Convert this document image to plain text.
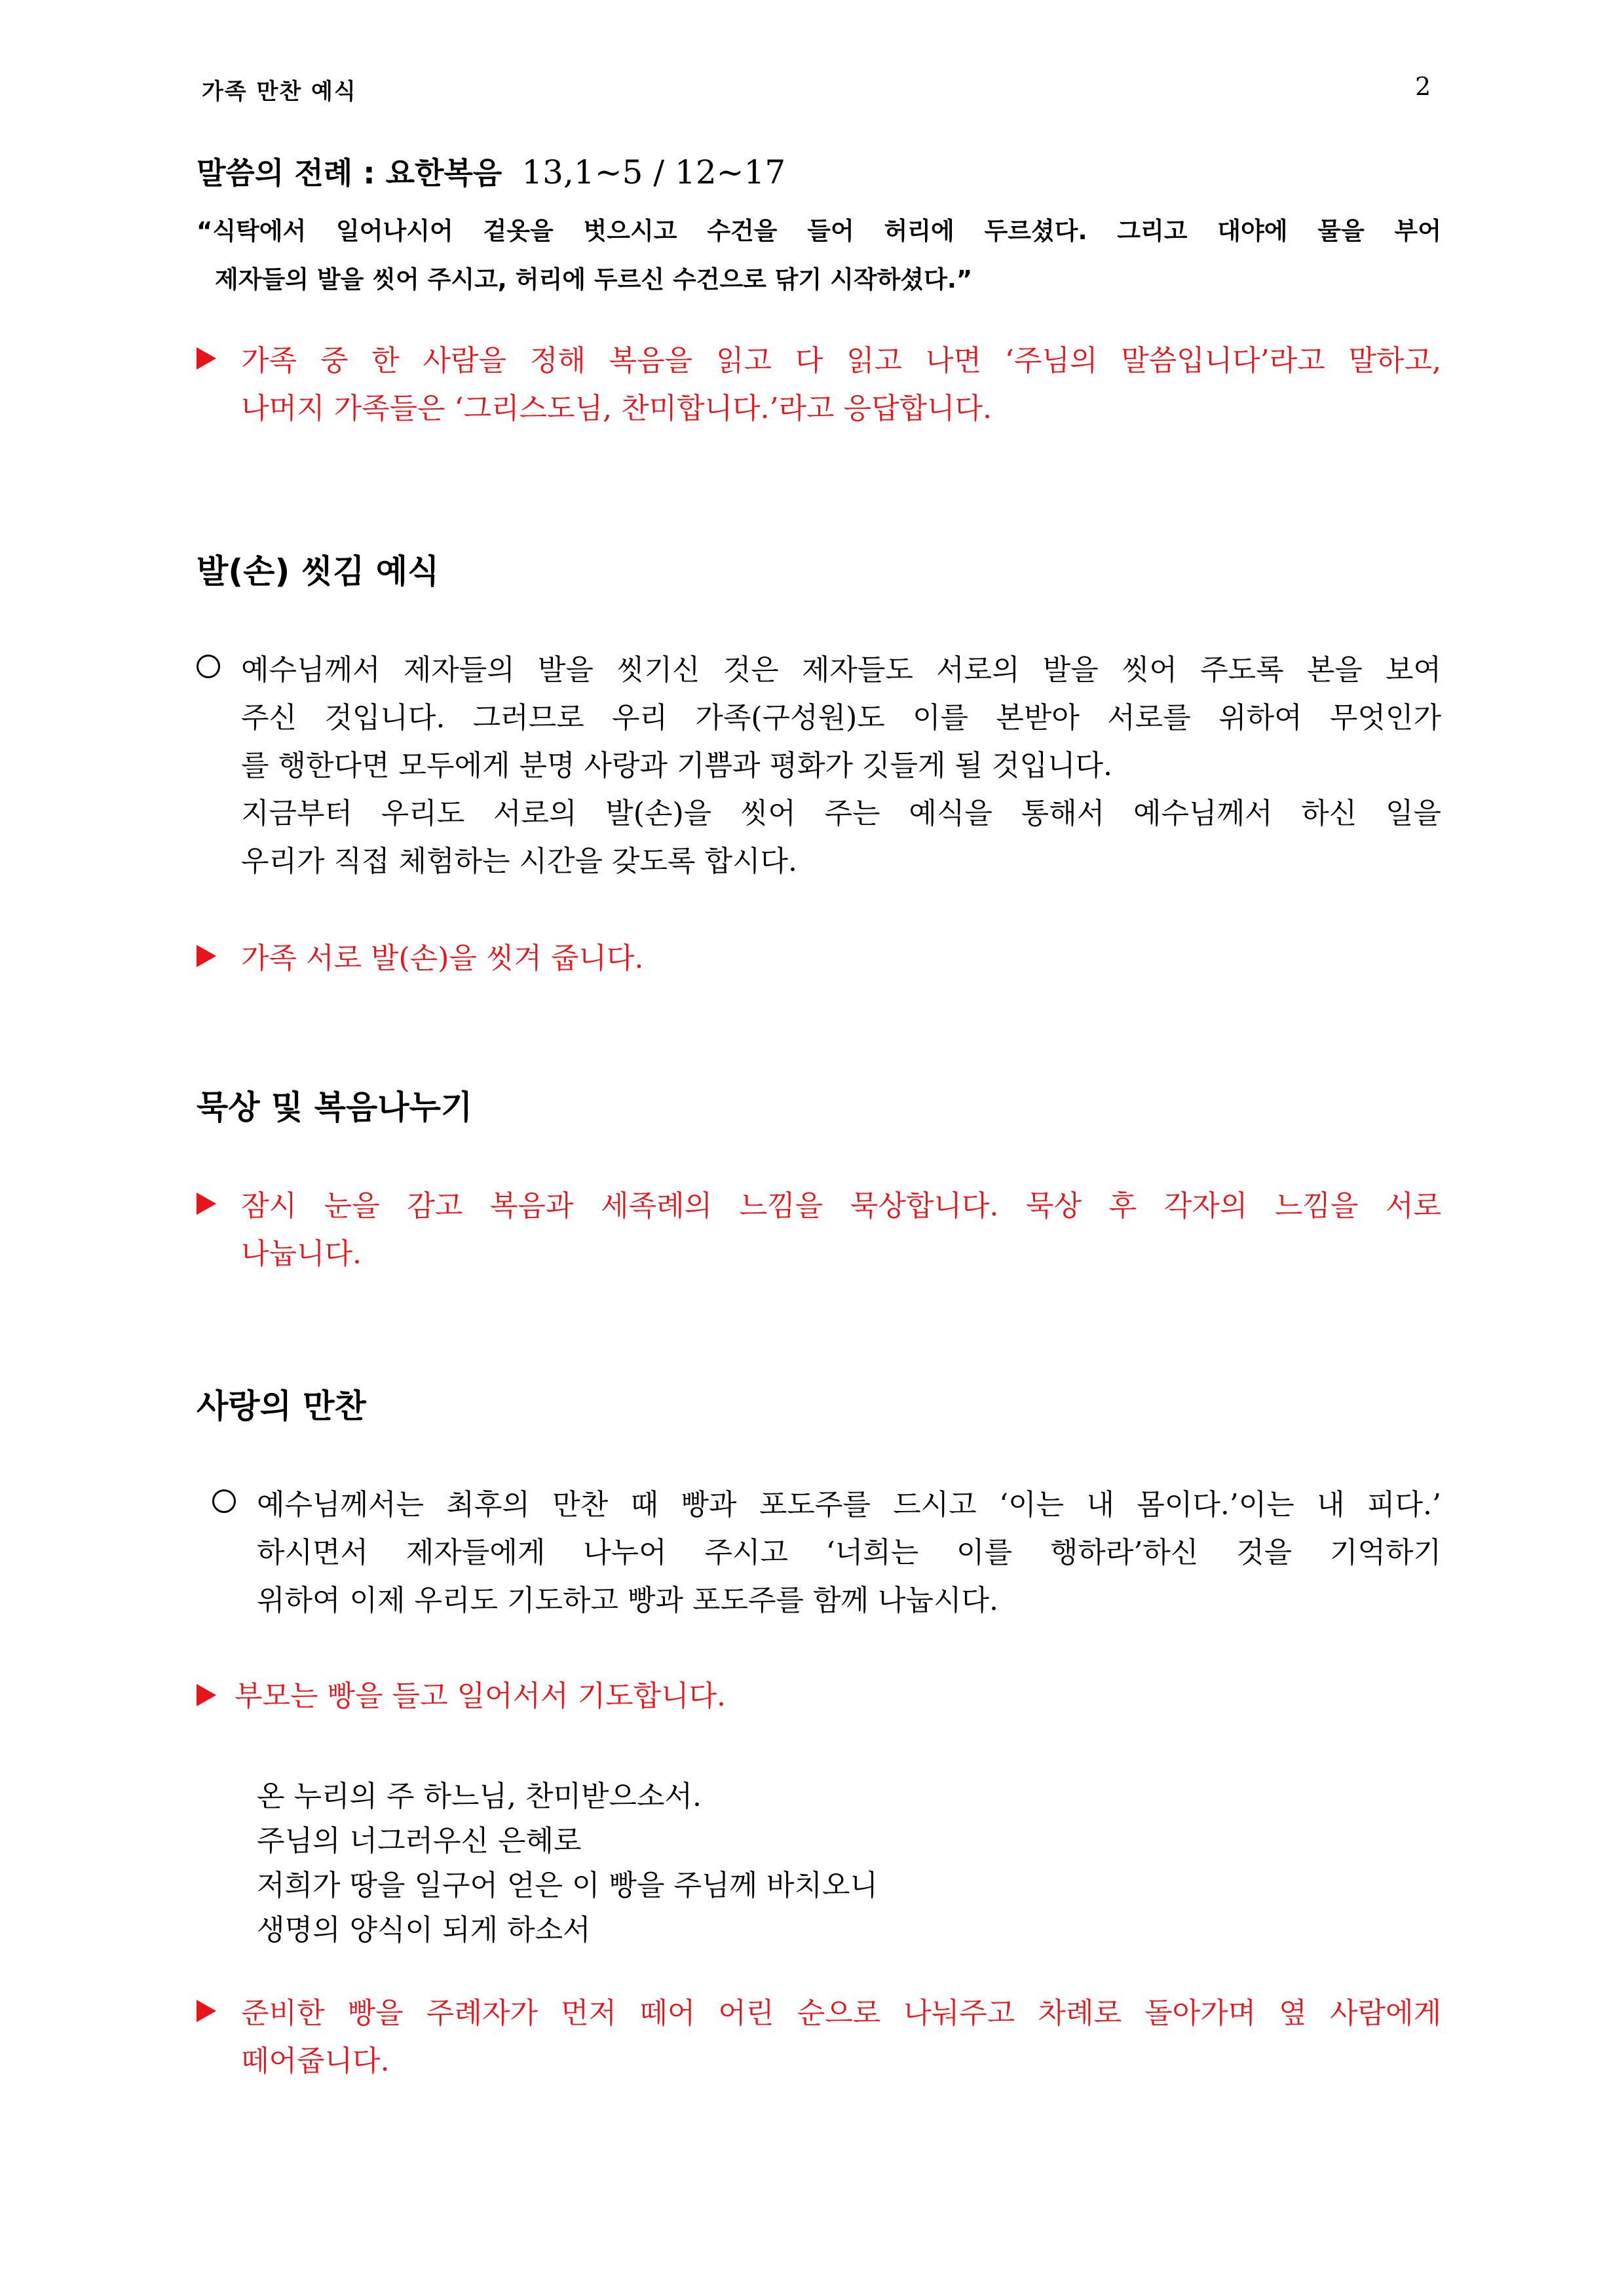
가족 만찬 예식	2
말씀의 전례 : 요한복음 13,1~5 / 12~17
“식탁에서 일어나시어 겉옷을 벗으시고 수건을 들어 허리에 두르셨다. 그리고 대야에 물을 부어
제자들의 발을 씻어 주시고, 허리에 두르신 수건으로 닦기 시작하셨다.”
가족 중 한 사람을 정해 복음을 읽고 다 읽고 나면 ‘주님의 말씀입니다’라고 말하고,
나머지 가족들은 ‘그리스도님, 찬미합니다.’라고 응답합니다.
발(손) 씻김 예식
예수님께서 제자들의 발을 씻기신 것은 제자들도 서로의 발을 씻어 주도록 본을 보여
주신 것입니다. 그러므로 우리 가족(구성원)도 이를 본받아 서로를 위하여 무엇인가
를 행한다면 모두에게 분명 사랑과 기쁨과 평화가 깃들게 될 것입니다.
지금부터 우리도 서로의 발(손)을 씻어 주는 예식을 통해서 예수님께서 하신 일을
우리가 직접 체험하는 시간을 갖도록 합시다.
가족 서로 발(손)을 씻겨 줍니다.
묵상 및 복음나누기
잠시 눈을 감고 복음과 세족례의 느낌을 묵상합니다. 묵상 후 각자의 느낌을 서로
나눕니다.
사랑의 만찬
예수님께서는 최후의 만찬 때 빵과 포도주를 드시고 ‘이는 내 몸이다.’이는 내 피다.’
하시면서 제자들에게 나누어 주시고 ‘너희는 이를 행하라’하신 것을 기억하기
위하여 이제 우리도 기도하고 빵과 포도주를 함께 나눕시다.
부모는 빵을 들고 일어서서 기도합니다.
온 누리의 주 하느님, 찬미받으소서.
주님의 너그러우신 은혜로
저희가 땅을 일구어 얻은 이 빵을 주님께 바치오니
생명의 양식이 되게 하소서
준비한 빵을 주례자가 먼저 떼어 어린 순으로 나눠주고 차례로 돌아가며 옆 사람에게
떼어줍니다.
